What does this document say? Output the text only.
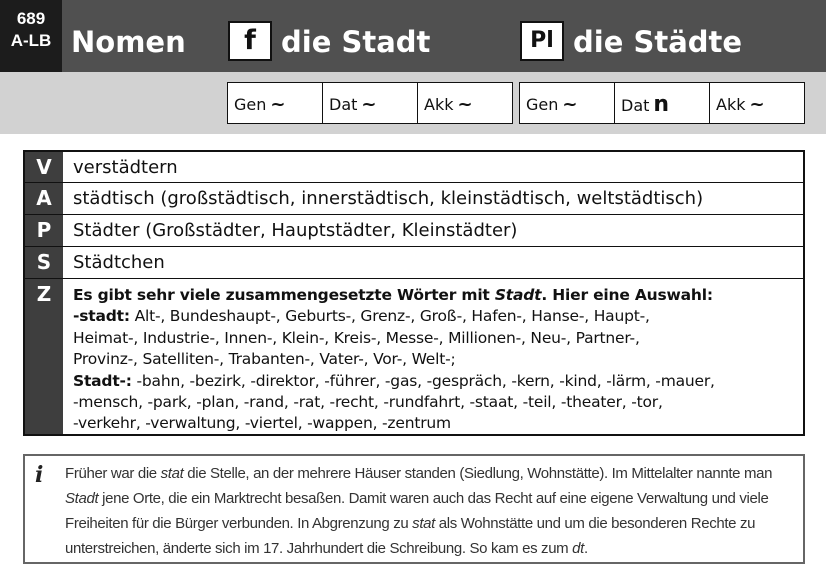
689
A-LB Nomen	f die Stadt	Pl die Städte
Gen ~	Dat ~	Akk ~	Gen ~	Dat n	Akk ~
V	verstädtern
A	städtisch (großstädtisch, innerstädtisch, kleinstädtisch, weltstädtisch)
P	Städter (Großstädter, Hauptstädter, Kleinstädter)
S	Städtchen
Z	Es gibt sehr viele zusammengesetzte Wörter mit Stadt. Hier eine Auswahl:
-stadt: Alt-, Bundeshaupt-, Geburts-, Grenz-, Groß-, Hafen-, Hanse-, Haupt-,
Heimat-, Industrie-, Innen-, Klein-, Kreis-, Messe-, Millionen-, Neu-, Partner-,
Provinz-, Satelliten-, Trabanten-, Vater-, Vor-, Welt-;
Stadt-: -bahn, -bezirk, -direktor, -führer, -gas, -gespräch, -kern, -kind, -lärm, -mauer,
-mensch, -park, -plan, -rand, -rat, -recht, -rundfahrt, -staat, -teil, -theater, -tor,
-verkehr, -verwaltung, -viertel, -wappen, -zentrum
i Früher war die stat die Stelle, an der mehrere Häuser standen (Siedlung, Wohnstätte). Im Mittelalter nannte man
Stadt jene Orte, die ein Marktrecht besaßen. Damit waren auch das Recht auf eine eigene Verwaltung und viele
Freiheiten für die Bürger verbunden. In Abgrenzung zu stat als Wohnstätte und um die besonderen Rechte zu
unterstreichen, änderte sich im 17. Jahrhundert die Schreibung. So kam es zum dt.
